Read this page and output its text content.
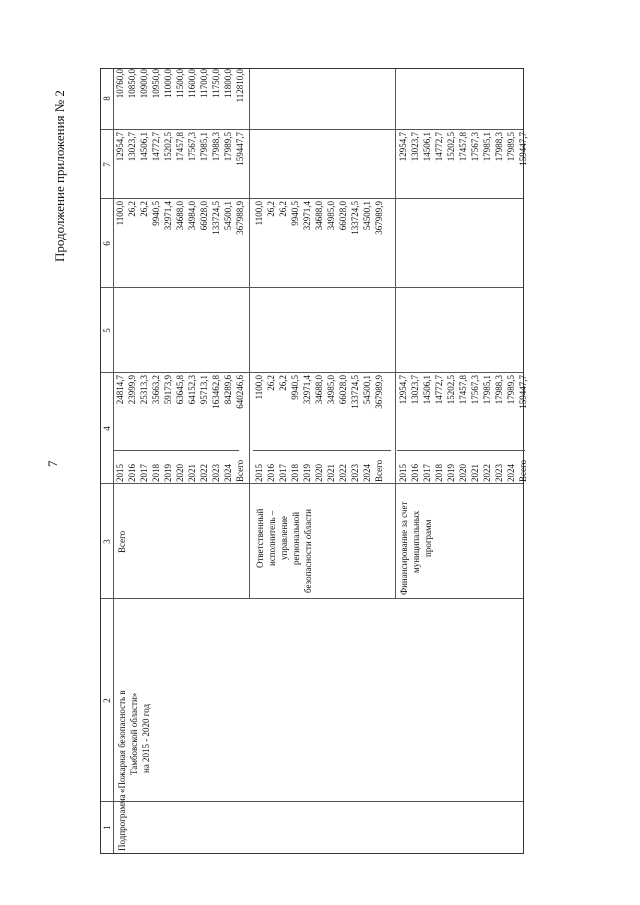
Продолжение приложения № 2
7
1
2
3
4
5
6
7
8
Подпрограмма
«Пожарная безопасность в Тамбовской области» на 2015 - 2020 год
Всего	Ответственный исполнитель – управление региональной безопасности области	Финансирование за счет муниципальных программ
2015 2016 2017 2018 2019 2020 2021 2022 2023 2024 Всего
24814,7 23999,9 25313,3 35663,2 59173,9 63645,8 64152,3 95713,1 163462,8 84289,6 640246,6
1100,0 26,2 26,2 9940,5 32971,4 34688,0 34984,0 66028,0 133724,5 54500,1 367988,9
12954,7 13023,7 14506,1 14772,7 15202,5 17457,8 17567,3 17985,1 17988,3 17989,5 159447,7
10760,0 10850,0 10900,0 10950,0 11000,0 11500,0 11600,0 11700,0 11750,0 11800,0 112810,0
2015 2016 2017 2018 2019 2020 2021 2022 2023 2024 Всего
1100,0 26,2 26,2 9940,5 32971,4 34688,0 34985,0 66028,0 133724,5 54500,1 367989,9
1100,0 26,2 26,2 9940,5 32971,4 34688,0 34985,0 66028,0 133724,5 54500,1 367989,9
2015 2016 2017 2018 2019 2020 2021 2022 2023 2024 Всего
12954,7 13023,7 14506,1 14772,7 15202,5 17457,8 17567,3 17985,1 17988,3 17989,5 159447,7
12954,7 13023,7 14506,1 14772,7 15202,5 17457,8 17567,3 17985,1 17988,3 17989,5 159447,7
